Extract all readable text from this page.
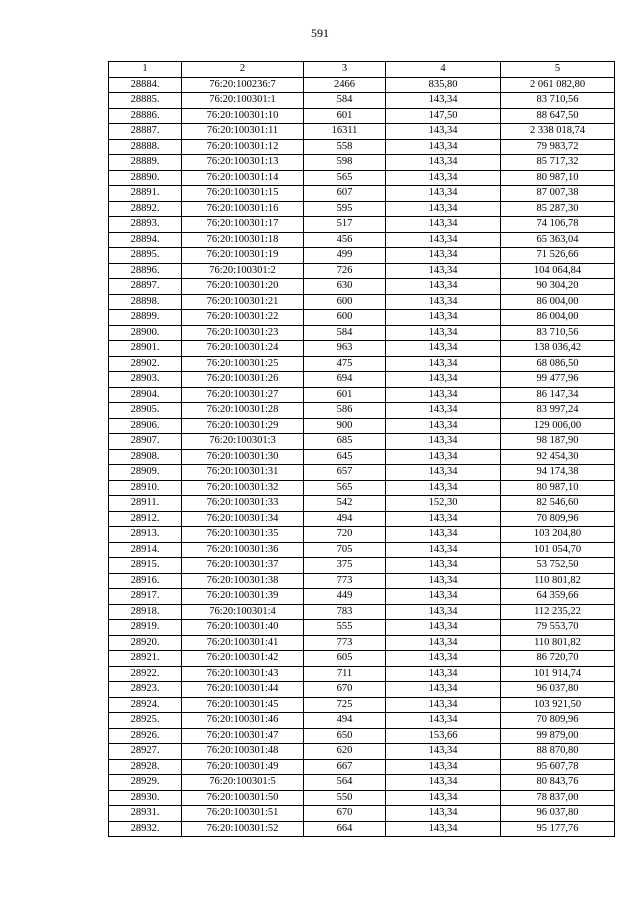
591
1	2	3	4	5
28884.	76:20:100236:7	2466	835,80	2 061 082,80
28885.	76:20:100301:1	584	143,34	83 710,56
28886.	76:20:100301:10	601	147,50	88 647,50
28887.	76:20:100301:11	16311	143,34	2 338 018,74
28888.	76:20:100301:12	558	143,34	79 983,72
28889.	76:20:100301:13	598	143,34	85 717,32
28890.	76:20:100301:14	565	143,34	80 987,10
28891.	76:20:100301:15	607	143,34	87 007,38
28892.	76:20:100301:16	595	143,34	85 287,30
28893.	76:20:100301:17	517	143,34	74 106,78
28894.	76:20:100301:18	456	143,34	65 363,04
28895.	76:20:100301:19	499	143,34	71 526,66
28896.	76:20:100301:2	726	143,34	104 064,84
28897.	76:20:100301:20	630	143,34	90 304,20
28898.	76:20:100301:21	600	143,34	86 004,00
28899.	76:20:100301:22	600	143,34	86 004,00
28900.	76:20:100301:23	584	143,34	83 710,56
28901.	76:20:100301:24	963	143,34	138 036,42
28902.	76:20:100301:25	475	143,34	68 086,50
28903.	76:20:100301:26	694	143,34	99 477,96
28904.	76:20:100301:27	601	143,34	86 147,34
28905.	76:20:100301:28	586	143,34	83 997,24
28906.	76:20:100301:29	900	143,34	129 006,00
28907.	76:20:100301:3	685	143,34	98 187,90
28908.	76:20:100301:30	645	143,34	92 454,30
28909.	76:20:100301:31	657	143,34	94 174,38
28910.	76:20:100301:32	565	143,34	80 987,10
28911.	76:20:100301:33	542	152,30	82 546,60
28912.	76:20:100301:34	494	143,34	70 809,96
28913.	76:20:100301:35	720	143,34	103 204,80
28914.	76:20:100301:36	705	143,34	101 054,70
28915.	76:20:100301:37	375	143,34	53 752,50
28916.	76:20:100301:38	773	143,34	110 801,82
28917.	76:20:100301:39	449	143,34	64 359,66
28918.	76:20:100301:4	783	143,34	112 235,22
28919.	76:20:100301:40	555	143,34	79 553,70
28920.	76:20:100301:41	773	143,34	110 801,82
28921.	76:20:100301:42	605	143,34	86 720,70
28922.	76:20:100301:43	711	143,34	101 914,74
28923.	76:20:100301:44	670	143,34	96 037,80
28924.	76:20:100301:45	725	143,34	103 921,50
28925.	76:20:100301:46	494	143,34	70 809,96
28926.	76:20:100301:47	650	153,66	99 879,00
28927.	76:20:100301:48	620	143,34	88 870,80
28928.	76:20:100301:49	667	143,34	95 607,78
28929.	76:20:100301:5	564	143,34	80 843,76
28930.	76:20:100301:50	550	143,34	78 837,00
28931.	76:20:100301:51	670	143,34	96 037,80
28932.	76:20:100301:52	664	143,34	95 177,76
